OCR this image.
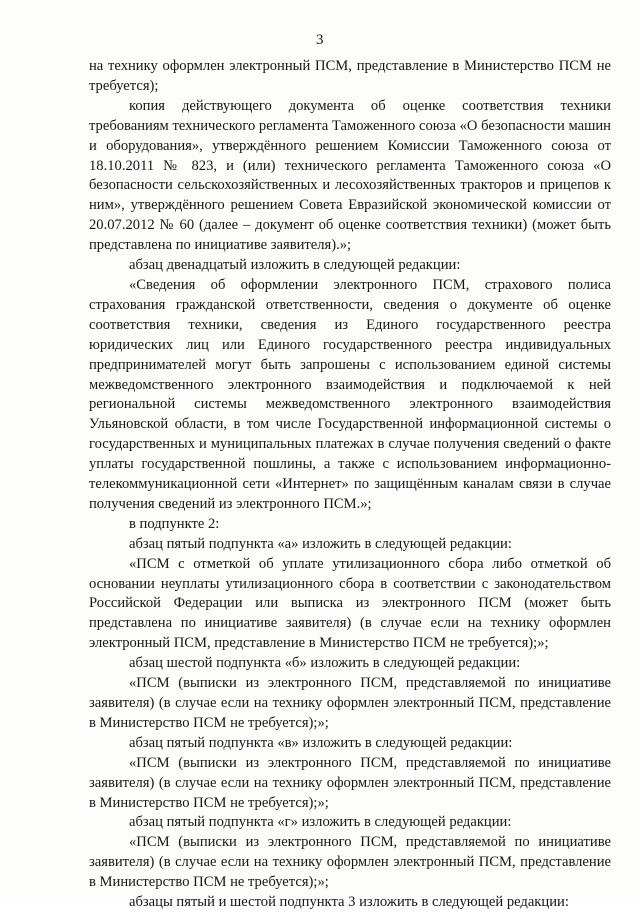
3

на технику оформлен электронный ПСМ, представление в Министерство ПСМ не требуется);

копия действующего документа об оценке соответствия техники требованиям технического регламента Таможенного союза «О безопасности машин и оборудования», утверждённого решением Комиссии Таможенного союза от 18.10.2011 № 823, и (или) технического регламента Таможенного союза «О безопасности сельскохозяйственных и лесохозяйственных тракторов и прицепов к ним», утверждённого решением Совета Евразийской экономической комиссии от 20.07.2012 № 60 (далее – документ об оценке соответствия техники) (может быть представлена по инициативе заявителя).»;

абзац двенадцатый изложить в следующей редакции:

«Сведения об оформлении электронного ПСМ, страхового полиса страхования гражданской ответственности, сведения о документе об оценке соответствия техники, сведения из Единого государственного реестра юридических лиц или Единого государственного реестра индивидуальных предпринимателей могут быть запрошены с использованием единой системы межведомственного электронного взаимодействия и подключаемой к ней региональной системы межведомственного электронного взаимодействия Ульяновской области, в том числе Государственной информационной системы о государственных и муниципальных платежах в случае получения сведений о факте уплаты государственной пошлины, а также с использованием информационно-телекоммуникационной сети «Интернет» по защищённым каналам связи в случае получения сведений из электронного ПСМ.»;

в подпункте 2:

абзац пятый подпункта «а» изложить в следующей редакции:

«ПСМ с отметкой об уплате утилизационного сбора либо отметкой об основании неуплаты утилизационного сбора в соответствии с законодательством Российской Федерации или выписка из электронного ПСМ (может быть представлена по инициативе заявителя) (в случае если на технику оформлен электронный ПСМ, представление в Министерство ПСМ не требуется);»;

абзац шестой подпункта «б» изложить в следующей редакции:

«ПСМ (выписки из электронного ПСМ, представляемой по инициативе заявителя) (в случае если на технику оформлен электронный ПСМ, представление в Министерство ПСМ не требуется);»;

абзац пятый подпункта «в» изложить в следующей редакции:

«ПСМ (выписки из электронного ПСМ, представляемой по инициативе заявителя) (в случае если на технику оформлен электронный ПСМ, представление в Министерство ПСМ не требуется);»;

абзац пятый подпункта «г» изложить в следующей редакции:

«ПСМ (выписки из электронного ПСМ, представляемой по инициативе заявителя) (в случае если на технику оформлен электронный ПСМ, представление в Министерство ПСМ не требуется);»;

абзацы пятый и шестой подпункта 3 изложить в следующей редакции:
